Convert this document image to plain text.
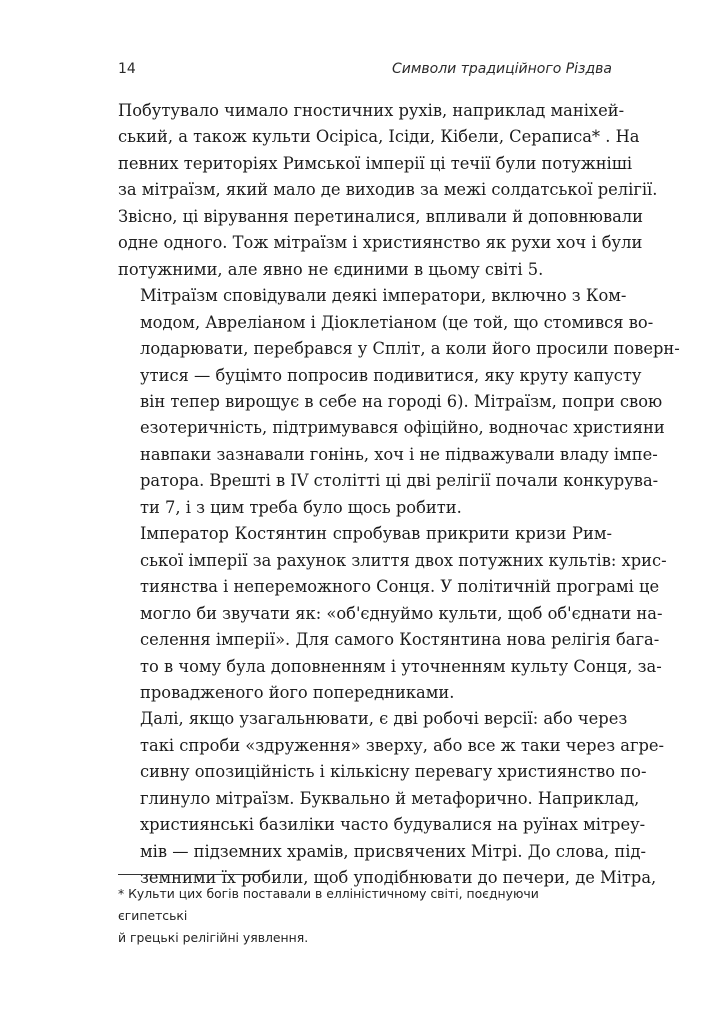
14	Символи традиційного Різдва

Побутувало чимало гностичних рухів, наприклад маніхей-
ський, а також культи Осіріса, Ісіди, Кібели, Сераписа* . На
певних територіях Римської імперії ці течії були потужніші
за мітраїзм, який мало де виходив за межі солдатської релігії.
Звісно, ці вірування перетиналися, впливали й доповнювали
одне одного. Тож мітраїзм і християнство як рухи хоч і були
потужними, але явно не єдиними в цьому світі 5.

Мітраїзм сповідували деякі імператори, включно з Ком-
модом, Авреліаном і Діоклетіаном (це той, що стомився во-
лодарювати, перебрався у Спліт, а коли його просили поверн-
утися — буцімто попросив подивитися, яку круту капусту
він тепер вирощує в себе на городі 6). Мітраїзм, попри свою
езотеричність, підтримувався офіційно, водночас християни
навпаки зазнавали гонінь, хоч і не підважували владу імпе-
ратора. Врешті в IV столітті ці дві релігії почали конкурува-
ти 7, і з цим треба було щось робити.

Імператор Костянтин спробував прикрити кризи Рим-
ської імперії за рахунок злиття двох потужних культів: хрис-
тиянства і непереможного Сонця. У політичній програмі це
могло би звучати як: «об'єднуймо культи, щоб об'єднати на-
селення імперії». Для самого Костянтина нова релігія бага-
то в чому була доповненням і уточненням культу Сонця, за-
провадженого його попередниками.

Далі, якщо узагальнювати, є дві робочі версії: або через
такі спроби «здруження» зверху, або все ж таки через агре-
сивну опозиційність і кількісну перевагу християнство по-
глинуло мітраїзм. Буквально й метафорично. Наприклад,
християнські базиліки часто будувалися на руїнах мітреу-
мів — підземних храмів, присвячених Мітрі. До слова, під-
земними їх робили, щоб уподібнювати до печери, де Мітра,

* Культи цих богів поставали в елліністичному світі, поєднуючи єгипетські
й грецькі релігійні уявлення.
